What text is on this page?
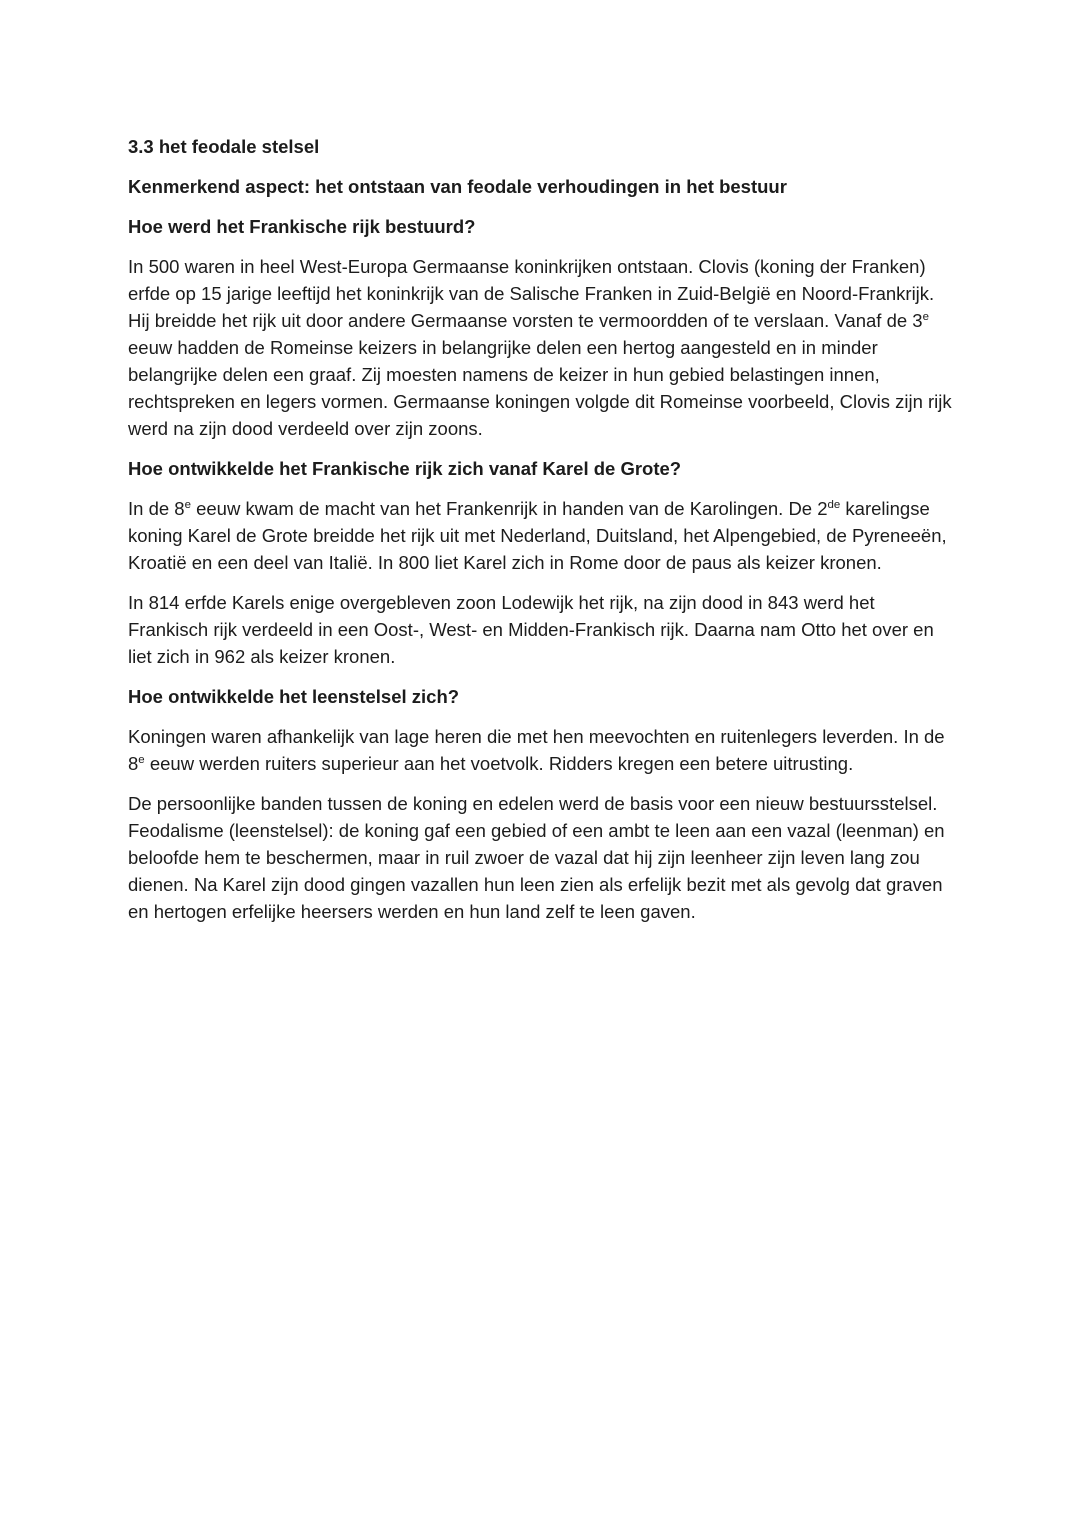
3.3 het feodale stelsel
Kenmerkend aspect: het ontstaan van feodale verhoudingen in het bestuur
Hoe werd het Frankische rijk bestuurd?

In 500 waren in heel West-Europa Germaanse koninkrijken ontstaan. Clovis (koning der Franken) erfde op 15 jarige leeftijd het koninkrijk van de Salische Franken in Zuid-België en Noord-Frankrijk. Hij breidde het rijk uit door andere Germaanse vorsten te vermoordden of te verslaan. Vanaf de 3e eeuw hadden de Romeinse keizers in belangrijke delen een hertog aangesteld en in minder belangrijke delen een graaf. Zij moesten namens de keizer in hun gebied belastingen innen, rechtspreken en legers vormen. Germaanse koningen volgde dit Romeinse voorbeeld, Clovis zijn rijk werd na zijn dood verdeeld over zijn zoons.

Hoe ontwikkelde het Frankische rijk zich vanaf Karel de Grote?

In de 8e eeuw kwam de macht van het Frankenrijk in handen van de Karolingen. De 2de karelingse koning Karel de Grote breidde het rijk uit met Nederland, Duitsland, het Alpengebied, de Pyreneeën, Kroatië en een deel van Italië. In 800 liet Karel zich in Rome door de paus als keizer kronen.

In 814 erfde Karels enige overgebleven zoon Lodewijk het rijk, na zijn dood in 843 werd het Frankisch rijk verdeeld in een Oost-, West- en Midden-Frankisch rijk. Daarna nam Otto het over en liet zich in 962 als keizer kronen.

Hoe ontwikkelde het leenstelsel zich?

Koningen waren afhankelijk van lage heren die met hen meevochten en ruitenlegers leverden. In de 8e eeuw werden ruiters superieur aan het voetvolk. Ridders kregen een betere uitrusting.

De persoonlijke banden tussen de koning en edelen werd de basis voor een nieuw bestuursstelsel. Feodalisme (leenstelsel): de koning gaf een gebied of een ambt te leen aan een vazal (leenman) en beloofde hem te beschermen, maar in ruil zwoer de vazal dat hij zijn leenheer zijn leven lang zou dienen. Na Karel zijn dood gingen vazallen hun leen zien als erfelijk bezit met als gevolg dat graven en hertogen erfelijke heersers werden en hun land zelf te leen gaven.
